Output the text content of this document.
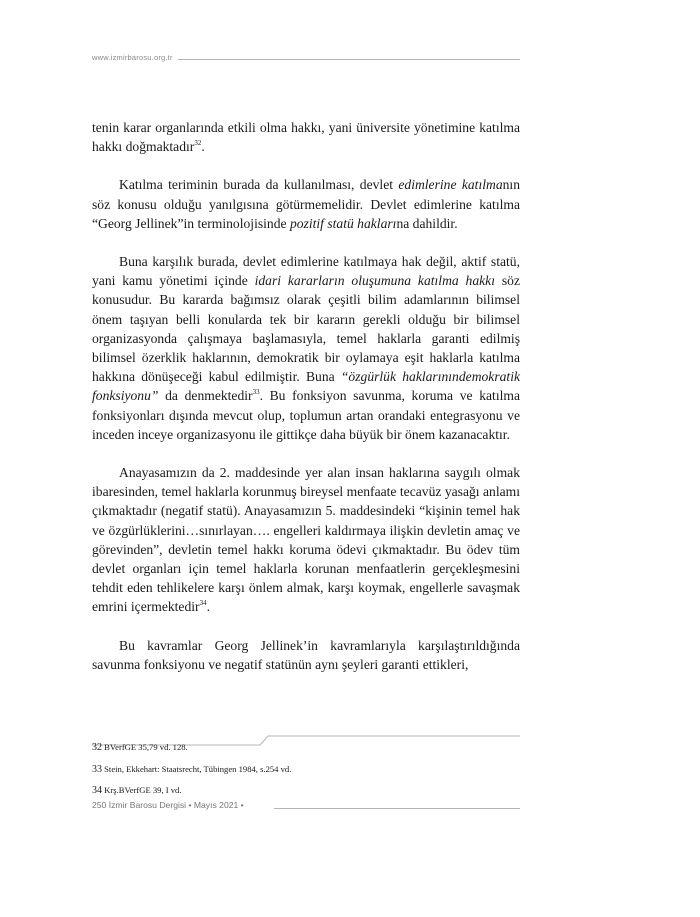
www.izmirbarosu.org.tr

tenin karar organlarında etkili olma hakkı, yani üniversite yönetimine katılma hakkı doğmaktadır$^{32}$.

Katılma teriminin burada da kullanılması, devlet edimlerine katılmanın söz konusu olduğu yanılgısına götürmemelidir. Devlet edimlerine katılma “Georg Jellinek”in terminolojisinde pozitif statü haklarına dahildir.

Buna karşılık burada, devlet edimlerine katılmaya hak değil, aktif statü, yani kamu yönetimi içinde idari kararların oluşumuna katılma hakkı söz konusudur. Bu kararda bağımsız olarak çeşitli bilim adamlarının bilimsel önem taşıyan belli konularda tek bir kararın gerekli olduğu bir bilimsel organizasyonda çalışmaya başlamasıyla, temel haklarla garanti edilmiş bilimsel özerklik haklarının, demokratik bir oylamaya eşit haklarla katılma hakkına dönüşeceği kabul edilmiştir. Buna “özgürlük haklarınındemokratik fonksiyonu” da denmektedir$^{33}$. Bu fonksiyon savunma, koruma ve katılma fonksiyonları dışında mevcut olup, toplumun artan orandaki entegrasyonu ve inceden inceye organizasyonu ile gittikçe daha büyük bir önem kazanacaktır.

Anayasamızın da 2. maddesinde yer alan insan haklarına saygılı olmak ibaresinden, temel haklarla korunmuş bireysel menfaate tecavüz yasağı anlamı çıkmaktadır (negatif statü). Anayasamızın 5. maddesindeki “kişinin temel hak ve özgürlüklerini…sınırlayan…. engelleri kaldırmaya ilişkin devletin amaç ve görevinden”, devletin temel hakkı koruma ödevi çıkmaktadır. Bu ödev tüm devlet organları için temel haklarla korunan menfaatlerin gerçekleşmesini tehdit eden tehlikelere karşı önlem almak, karşı koymak, engellerle savaşmak emrini içermektedir$^{34}$.

Bu kavramlar Georg Jellinek’in kavramlarıyla karşılaştırıldığında savunma fonksiyonu ve negatif statünün aynı şeyleri garanti ettikleri,

32 BVerfGE 35,79 vd. 128.
33 Stein, Ekkehart: Staatsrecht, Tübingen 1984, s.254 vd.
34 Krş.BVerfGE 39, I vd.
250 İzmir Barosu Dergisi • Mayıs 2021 •
